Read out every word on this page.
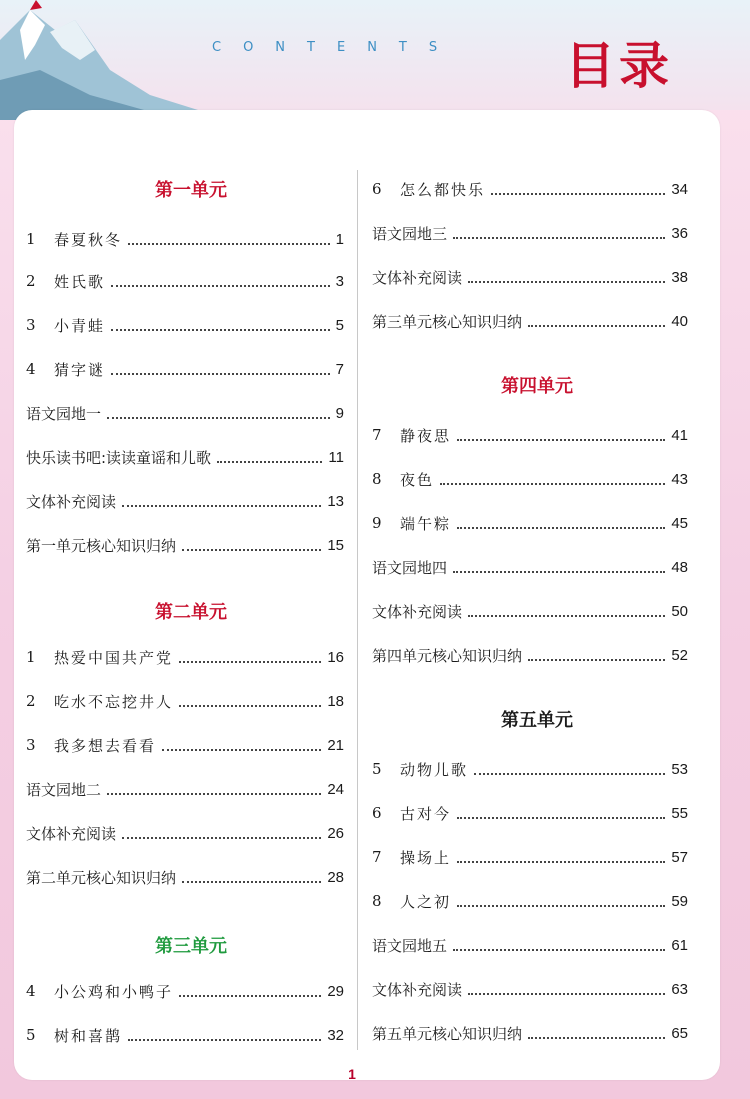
CONTENTS 目录
第一单元
1	春夏秋冬	1
2	姓氏歌	3
3	小青蛙	5
4	猜字谜	7
语文园地一	9
快乐读书吧:读读童谣和儿歌	11
文体补充阅读	13
第一单元核心知识归纳	15
第二单元
1	热爱中国共产党	16
2	吃水不忘挖井人	18
3	我多想去看看	21
语文园地二	24
文体补充阅读	26
第二单元核心知识归纳	28
第三单元
4	小公鸡和小鸭子	29
5	树和喜鹊	32
6	怎么都快乐	34
语文园地三	36
文体补充阅读	38
第三单元核心知识归纳	40
第四单元
7	静夜思	41
8	夜色	43
9	端午粽	45
语文园地四	48
文体补充阅读	50
第四单元核心知识归纳	52
第五单元
5	动物儿歌	53
6	古对今	55
7	操场上	57
8	人之初	59
语文园地五	61
文体补充阅读	63
第五单元核心知识归纳	65
1
